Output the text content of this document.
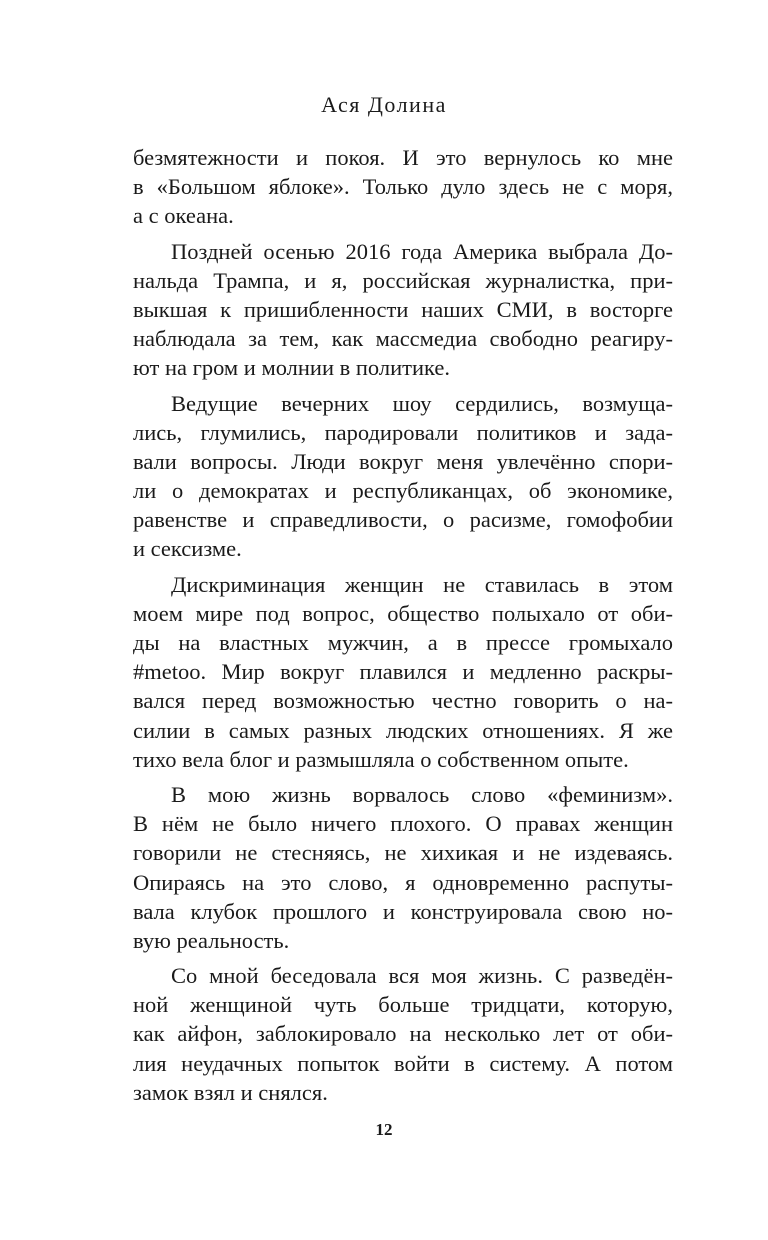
Ася Долина
безмятежности и покоя. И это вернулось ко мне
в «Большом яблоке». Только дуло здесь не с моря,
а с океана.
Поздней осенью 2016 года Америка выбрала До-
нальда Трампа, и я, российская журналистка, при-
выкшая к пришибленности наших СМИ, в восторге
наблюдала за тем, как массмедиа свободно реагиру-
ют на гром и молнии в политике.
Ведущие вечерних шоу сердились, возмуща-
лись, глумились, пародировали политиков и зада-
вали вопросы. Люди вокруг меня увлечённо спори-
ли о демократах и республиканцах, об экономике,
равенстве и справедливости, о расизме, гомофобии
и сексизме.
Дискриминация женщин не ставилась в этом
моем мире под вопрос, общество полыхало от оби-
ды на властных мужчин, а в прессе громыхало
#metoo. Мир вокруг плавился и медленно раскры-
вался перед возможностью честно говорить о на-
силии в самых разных людских отношениях. Я же
тихо вела блог и размышляла о собственном опыте.
В мою жизнь ворвалось слово «феминизм».
В нём не было ничего плохого. О правах женщин
говорили не стесняясь, не хихикая и не издеваясь.
Опираясь на это слово, я одновременно распуты-
вала клубок прошлого и конструировала свою но-
вую реальность.
Со мной беседовала вся моя жизнь. С разведён-
ной женщиной чуть больше тридцати, которую,
как айфон, заблокировало на несколько лет от оби-
лия неудачных попыток войти в систему. А потом
замок взял и снялся.
12
